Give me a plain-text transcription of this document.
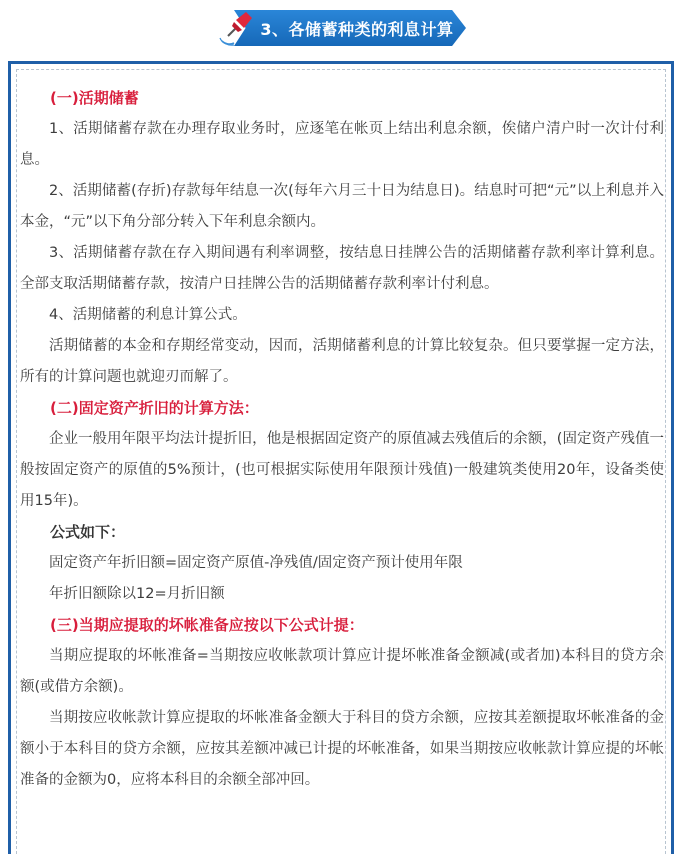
3、各储蓄种类的利息计算

(一)活期储蓄

1、活期储蓄存款在办理存取业务时，应逐笔在帐页上结出利息余额，俟储户清户时一次计付利息。

2、活期储蓄(存折)存款每年结息一次(每年六月三十日为结息日)。结息时可把“元”以上利息并入本金，“元”以下角分部分转入下年利息余额内。

3、活期储蓄存款在存入期间遇有利率调整，按结息日挂牌公告的活期储蓄存款利率计算利息。全部支取活期储蓄存款，按清户日挂牌公告的活期储蓄存款利率计付利息。

4、活期储蓄的利息计算公式。

活期储蓄的本金和存期经常变动，因而，活期储蓄利息的计算比较复杂。但只要掌握一定方法，所有的计算问题也就迎刃而解了。

(二)固定资产折旧的计算方法：

企业一般用年限平均法计提折旧，他是根据固定资产的原值减去残值后的余额，(固定资产残值一般按固定资产的原值的5%预计，(也可根据实际使用年限预计残值)一般建筑类使用20年，设备类使用15年)。

公式如下：

固定资产年折旧额=固定资产原值-净残值/固定资产预计使用年限

年折旧额除以12=月折旧额

(三)当期应提取的坏帐准备应按以下公式计提：

当期应提取的坏帐准备=当期按应收帐款项计算应计提坏帐准备金额减(或者加)本科目的贷方余额(或借方余额)。

当期按应收帐款计算应提取的坏帐准备金额大于科目的贷方余额，应按其差额提取坏帐准备的金额小于本科目的贷方余额，应按其差额冲减已计提的坏帐准备，如果当期按应收帐款计算应提的坏帐准备的金额为0，应将本科目的余额全部冲回。
